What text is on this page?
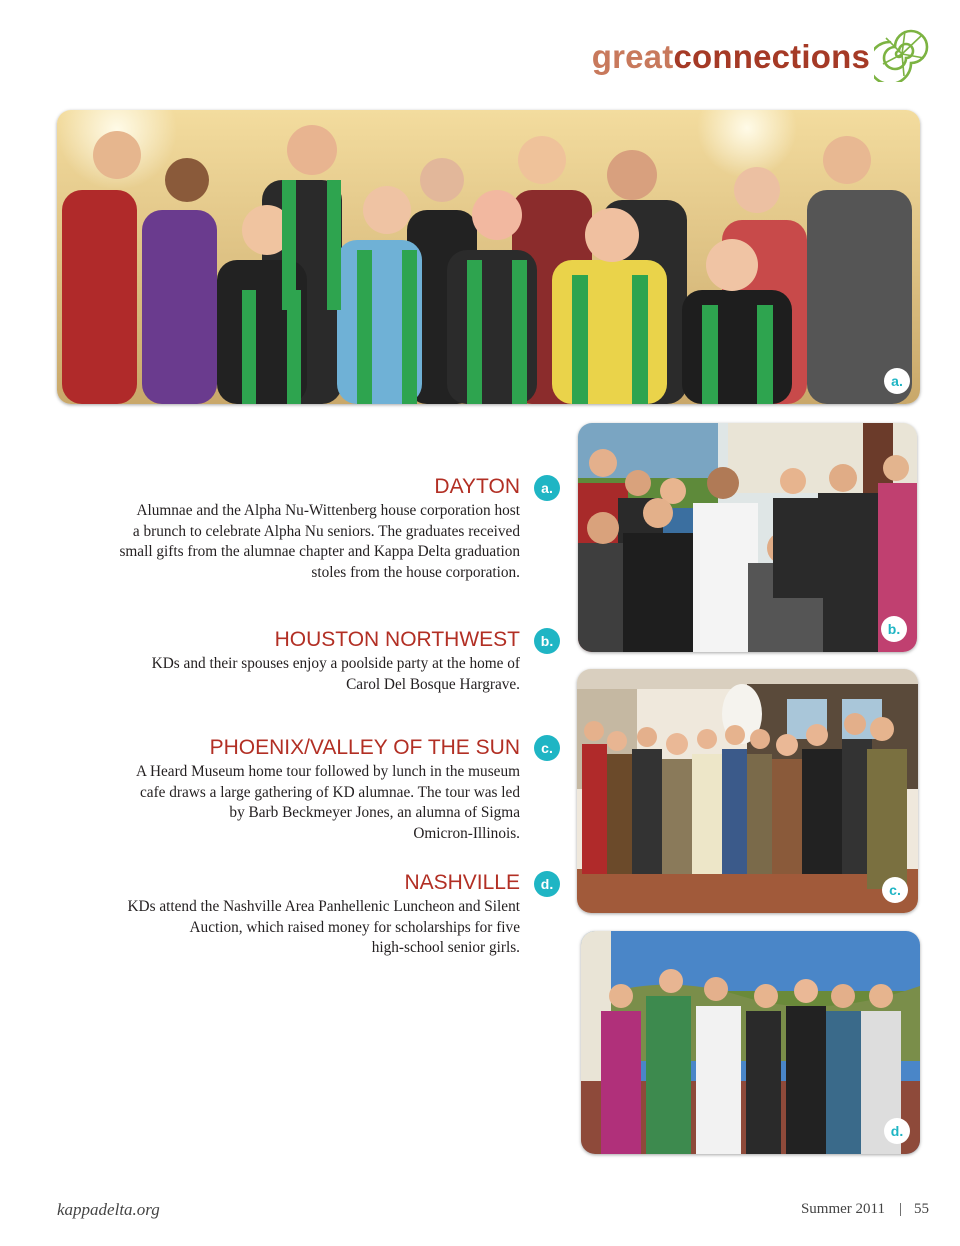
great connections
a.
b.
c.
d.
DAYTON
Alumnae and the Alpha Nu-Wittenberg house corporation host
a brunch to celebrate Alpha Nu seniors. The graduates received
small gifts from the alumnae chapter and Kappa Delta graduation
stoles from the house corporation.
a.
HOUSTON NORTHWEST
KDs and their spouses enjoy a poolside party at the home of
Carol Del Bosque Hargrave.
b.
PHOENIX/VALLEY OF THE SUN
A Heard Museum home tour followed by lunch in the museum
cafe draws a large gathering of KD alumnae. The tour was led
by Barb Beckmeyer Jones, an alumna of Sigma
Omicron-Illinois.
c.
NASHVILLE
KDs attend the Nashville Area Panhellenic Luncheon and Silent
Auction, which raised money for scholarships for five
high-school senior girls.
d.
kappadelta.org	Summer 2011 | 55
